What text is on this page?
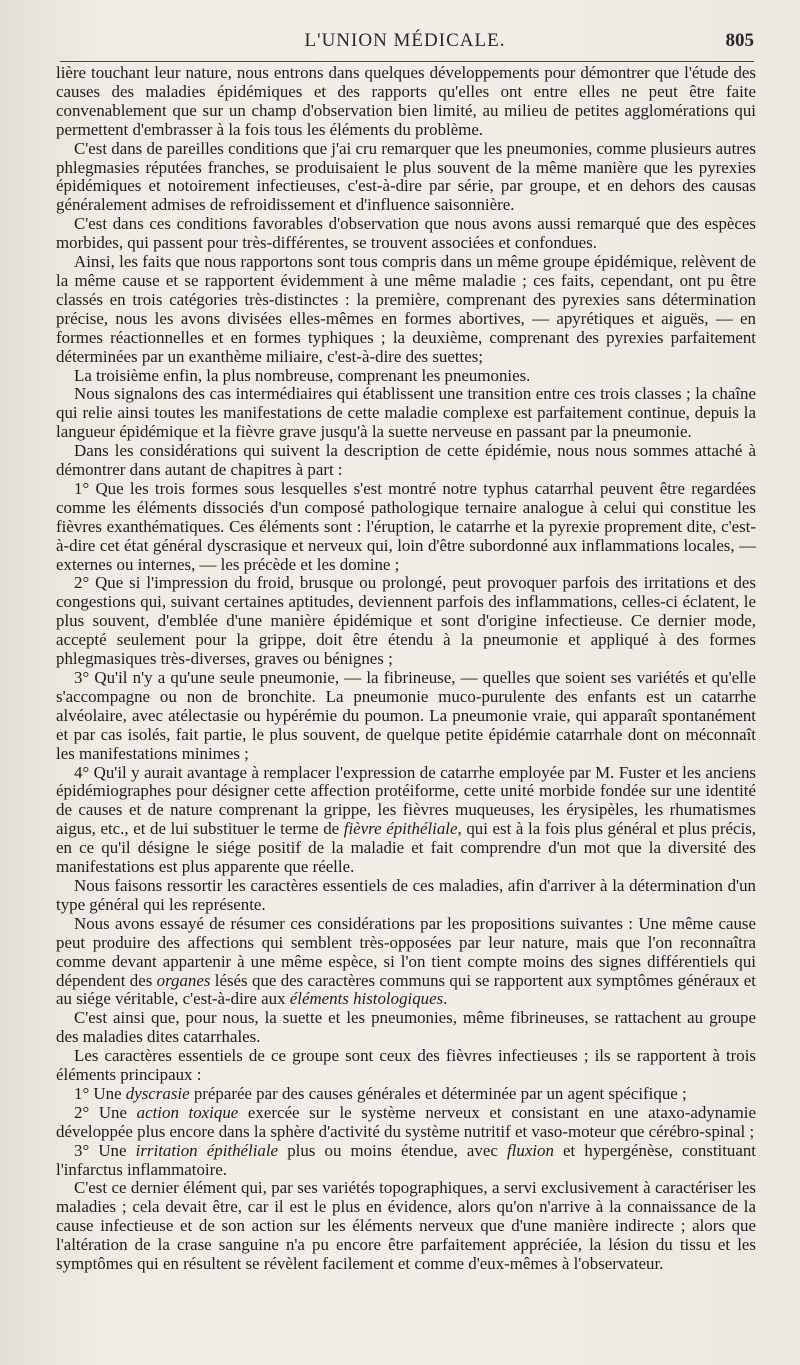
L'UNION MÉDICALE.	805

lière touchant leur nature, nous entrons dans quelques développements pour démontrer que l'étude des causes des maladies épidémiques et des rapports qu'elles ont entre elles ne peut être faite convenablement que sur un champ d'observation bien limité, au milieu de petites agglomérations qui permettent d'embrasser à la fois tous les éléments du problème.

C'est dans de pareilles conditions que j'ai cru remarquer que les pneumonies, comme plusieurs autres phlegmasies réputées franches, se produisaient le plus souvent de la même manière que les pyrexies épidémiques et notoirement infectieuses, c'est-à-dire par série, par groupe, et en dehors des causas généralement admises de refroidissement et d'influence saisonnière.

C'est dans ces conditions favorables d'observation que nous avons aussi remarqué que des espèces morbides, qui passent pour très-différentes, se trouvent associées et confondues.

Ainsi, les faits que nous rapportons sont tous compris dans un même groupe épidémique, relèvent de la même cause et se rapportent évidemment à une même maladie ; ces faits, cependant, ont pu être classés en trois catégories très-distinctes : la première, comprenant des pyrexies sans détermination précise, nous les avons divisées elles-mêmes en formes abortives, — apyrétiques et aiguës, — en formes réactionnelles et en formes typhiques ; la deuxième, comprenant des pyrexies parfaitement déterminées par un exanthème miliaire, c'est-à-dire des suettes;

La troisième enfin, la plus nombreuse, comprenant les pneumonies.

Nous signalons des cas intermédiaires qui établissent une transition entre ces trois classes ; la chaîne qui relie ainsi toutes les manifestations de cette maladie complexe est parfaitement continue, depuis la langueur épidémique et la fièvre grave jusqu'à la suette nerveuse en passant par la pneumonie.

Dans les considérations qui suivent la description de cette épidémie, nous nous sommes attaché à démontrer dans autant de chapitres à part :

1° Que les trois formes sous lesquelles s'est montré notre typhus catarrhal peuvent être regardées comme les éléments dissociés d'un composé pathologique ternaire analogue à celui qui constitue les fièvres exanthématiques. Ces éléments sont : l'éruption, le catarrhe et la pyrexie proprement dite, c'est-à-dire cet état général dyscrasique et nerveux qui, loin d'être subordonné aux inflammations locales, — externes ou internes, — les précède et les domine ;

2° Que si l'impression du froid, brusque ou prolongé, peut provoquer parfois des irritations et des congestions qui, suivant certaines aptitudes, deviennent parfois des inflammations, celles-ci éclatent, le plus souvent, d'emblée d'une manière épidémique et sont d'origine infectieuse. Ce dernier mode, accepté seulement pour la grippe, doit être étendu à la pneumonie et appliqué à des formes phlegmasiques très-diverses, graves ou bénignes ;

3° Qu'il n'y a qu'une seule pneumonie, — la fibrineuse, — quelles que soient ses variétés et qu'elle s'accompagne ou non de bronchite. La pneumonie muco-purulente des enfants est un catarrhe alvéolaire, avec atélectasie ou hypérémie du poumon. La pneumonie vraie, qui apparaît spontanément et par cas isolés, fait partie, le plus souvent, de quelque petite épidémie catarrhale dont on méconnaît les manifestations minimes ;

4° Qu'il y aurait avantage à remplacer l'expression de catarrhe employée par M. Fuster et les anciens épidémiographes pour désigner cette affection protéiforme, cette unité morbide fondée sur une identité de causes et de nature comprenant la grippe, les fièvres muqueuses, les érysipèles, les rhumatismes aigus, etc., et de lui substituer le terme de fièvre épithéliale, qui est à la fois plus général et plus précis, en ce qu'il désigne le siége positif de la maladie et fait comprendre d'un mot que la diversité des manifestations est plus apparente que réelle.

Nous faisons ressortir les caractères essentiels de ces maladies, afin d'arriver à la détermination d'un type général qui les représente.

Nous avons essayé de résumer ces considérations par les propositions suivantes : Une même cause peut produire des affections qui semblent très-opposées par leur nature, mais que l'on reconnaîtra comme devant appartenir à une même espèce, si l'on tient compte moins des signes différentiels qui dépendent des organes lésés que des caractères communs qui se rapportent aux symptômes généraux et au siége véritable, c'est-à-dire aux éléments histologiques.

C'est ainsi que, pour nous, la suette et les pneumonies, même fibrineuses, se rattachent au groupe des maladies dites catarrhales.

Les caractères essentiels de ce groupe sont ceux des fièvres infectieuses ; ils se rapportent à trois éléments principaux :

1° Une dyscrasie préparée par des causes générales et déterminée par un agent spécifique ;

2° Une action toxique exercée sur le système nerveux et consistant en une ataxo-adynamie développée plus encore dans la sphère d'activité du système nutritif et vaso-moteur que cérébro-spinal ;

3° Une irritation épithéliale plus ou moins étendue, avec fluxion et hypergénèse, constituant l'infarctus inflammatoire.

C'est ce dernier élément qui, par ses variétés topographiques, a servi exclusivement à caractériser les maladies ; cela devait être, car il est le plus en évidence, alors qu'on n'arrive à la connaissance de la cause infectieuse et de son action sur les éléments nerveux que d'une manière indirecte ; alors que l'altération de la crase sanguine n'a pu encore être parfaitement appréciée, la lésion du tissu et les symptômes qui en résultent se révèlent facilement et comme d'eux-mêmes à l'observateur.
